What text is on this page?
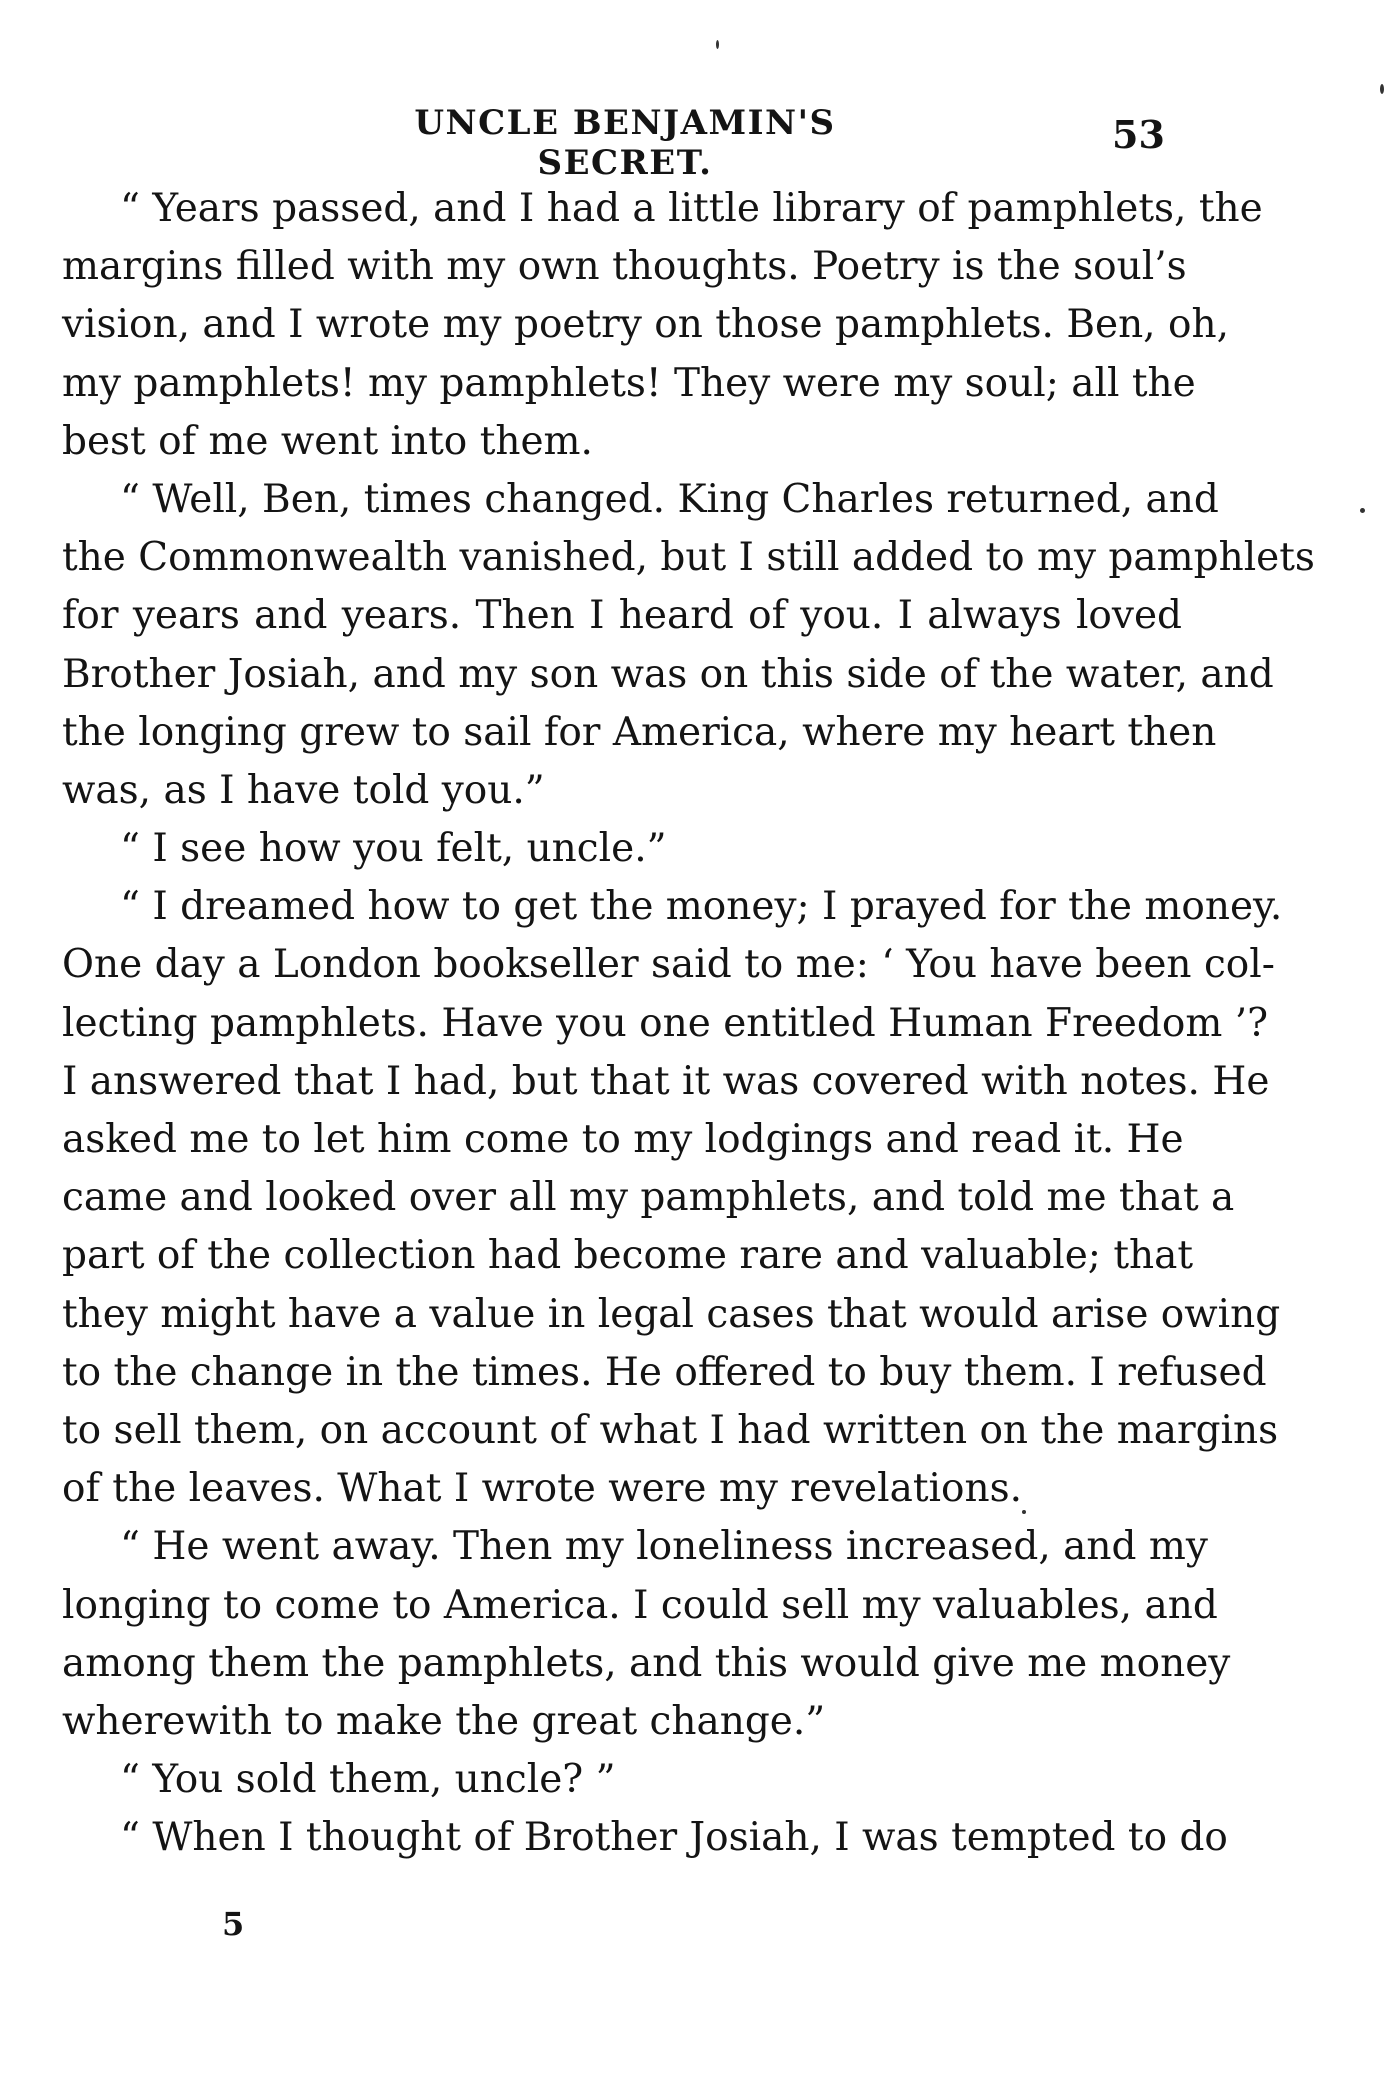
UNCLE BENJAMIN'S SECRET.
53
“ Years passed, and I had a little library of pamphlets, the
margins filled with my own thoughts. Poetry is the soul’s
vision, and I wrote my poetry on those pamphlets. Ben, oh,
my pamphlets! my pamphlets! They were my soul; all the
best of me went into them.
“ Well, Ben, times changed. King Charles returned, and
the Commonwealth vanished, but I still added to my pamphlets
for years and years. Then I heard of you. I always loved
Brother Josiah, and my son was on this side of the water, and
the longing grew to sail for America, where my heart then
was, as I have told you.”
“ I see how you felt, uncle.”
“ I dreamed how to get the money; I prayed for the money.
One day a London bookseller said to me: ‘ You have been col-
lecting pamphlets. Have you one entitled Human Freedom ’?
I answered that I had, but that it was covered with notes. He
asked me to let him come to my lodgings and read it. He
came and looked over all my pamphlets, and told me that a
part of the collection had become rare and valuable; that
they might have a value in legal cases that would arise owing
to the change in the times. He offered to buy them. I refused
to sell them, on account of what I had written on the margins
of the leaves. What I wrote were my revelations.
“ He went away. Then my loneliness increased, and my
longing to come to America. I could sell my valuables, and
among them the pamphlets, and this would give me money
wherewith to make the great change.”
“ You sold them, uncle? ”
“ When I thought of Brother Josiah, I was tempted to do
5
